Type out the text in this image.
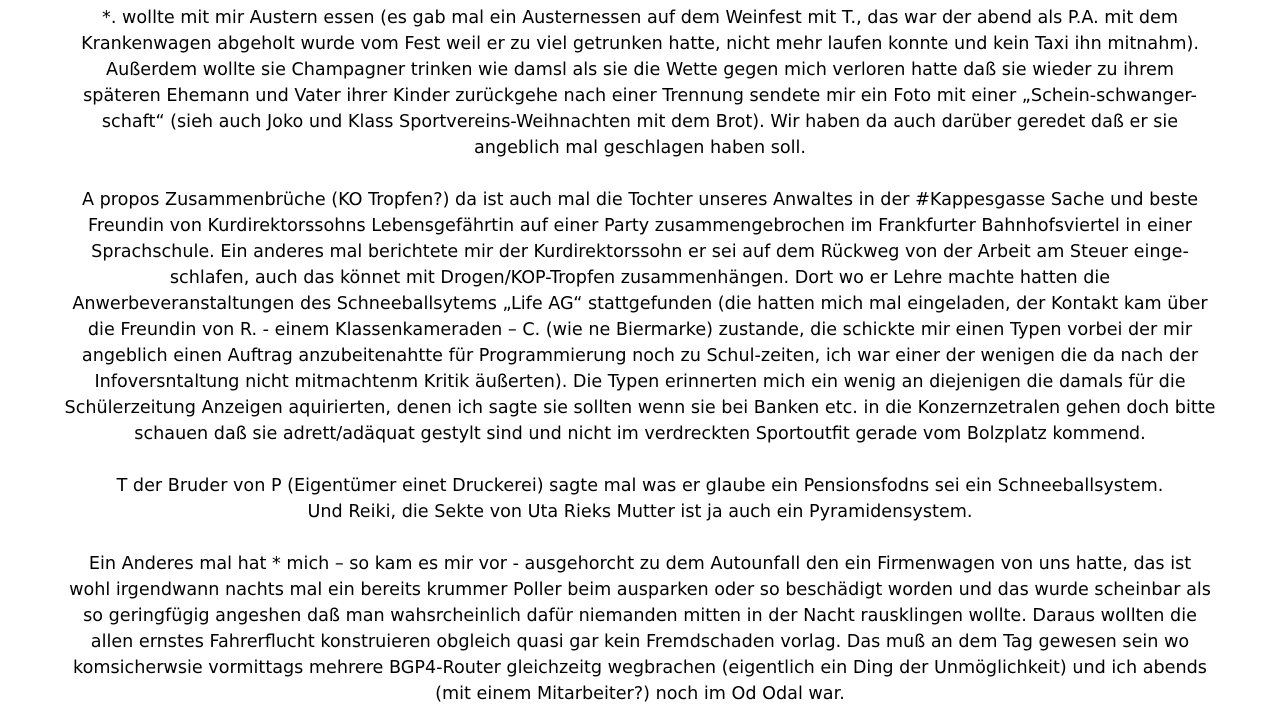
*. wollte mit mir Austern essen (es gab mal ein Austernessen auf dem Weinfest mit T., das war der abend als P.A. mit dem
Krankenwagen abgeholt wurde vom Fest weil er zu viel getrunken hatte, nicht mehr laufen konnte und kein Taxi ihn mitnahm).
Außerdem wollte sie Champagner trinken wie damsl als sie die Wette gegen mich verloren hatte daß sie wieder zu ihrem
späteren Ehemann und Vater ihrer Kinder zurückgehe nach einer Trennung sendete mir ein Foto mit einer „Schein-schwanger-
schaft“ (sieh auch Joko und Klass Sportvereins-Weihnachten mit dem Brot). Wir haben da auch darüber geredet daß er sie
angeblich mal geschlagen haben soll.
A propos Zusammenbrüche (KO Tropfen?) da ist auch mal die Tochter unseres Anwaltes in der #Kappesgasse Sache und beste
Freundin von Kurdirektorssohns Lebensgefährtin auf einer Party zusammengebrochen im Frankfurter Bahnhofsviertel in einer
Sprachschule. Ein anderes mal berichtete mir der Kurdirektorssohn er sei auf dem Rückweg von der Arbeit am Steuer einge-
schlafen, auch das könnet mit Drogen/KOP-Tropfen zusammenhängen. Dort wo er Lehre machte hatten die
Anwerbeveranstaltungen des Schneeballsytems „Life AG“ stattgefunden (die hatten mich mal eingeladen, der Kontakt kam über
die Freundin von R. - einem Klassenkameraden – C. (wie ne Biermarke) zustande, die schickte mir einen Typen vorbei der mir
angeblich einen Auftrag anzubeitenahtte für Programmierung noch zu Schul-zeiten, ich war einer der wenigen die da nach der
Infoversntaltung nicht mitmachtenm Kritik äußerten). Die Typen erinnerten mich ein wenig an diejenigen die damals für die
Schülerzeitung Anzeigen aquirierten, denen ich sagte sie sollten wenn sie bei Banken etc. in die Konzernzetralen gehen doch bitte
schauen daß sie adrett/adäquat gestylt sind und nicht im verdreckten Sportoutfit gerade vom Bolzplatz kommend.
T der Bruder von P (Eigentümer einet Druckerei) sagte mal was er glaube ein Pensionsfodns sei ein Schneeballsystem.
Und Reiki, die Sekte von Uta Rieks Mutter ist ja auch ein Pyramidensystem.
Ein Anderes mal hat * mich – so kam es mir vor - ausgehorcht zu dem Autounfall den ein Firmenwagen von uns hatte, das ist
wohl irgendwann nachts mal ein bereits krummer Poller beim ausparken oder so beschädigt worden und das wurde scheinbar als
so geringfügig angeshen daß man wahsrcheinlich dafür niemanden mitten in der Nacht rausklingen wollte. Daraus wollten die
allen ernstes Fahrerflucht konstruieren obgleich quasi gar kein Fremdschaden vorlag. Das muß an dem Tag gewesen sein wo
komsicherwsie vormittags mehrere BGP4-Router gleichzeitg wegbrachen (eigentlich ein Ding der Unmöglichkeit) und ich abends
(mit einem Mitarbeiter?) noch im Od Odal war.
